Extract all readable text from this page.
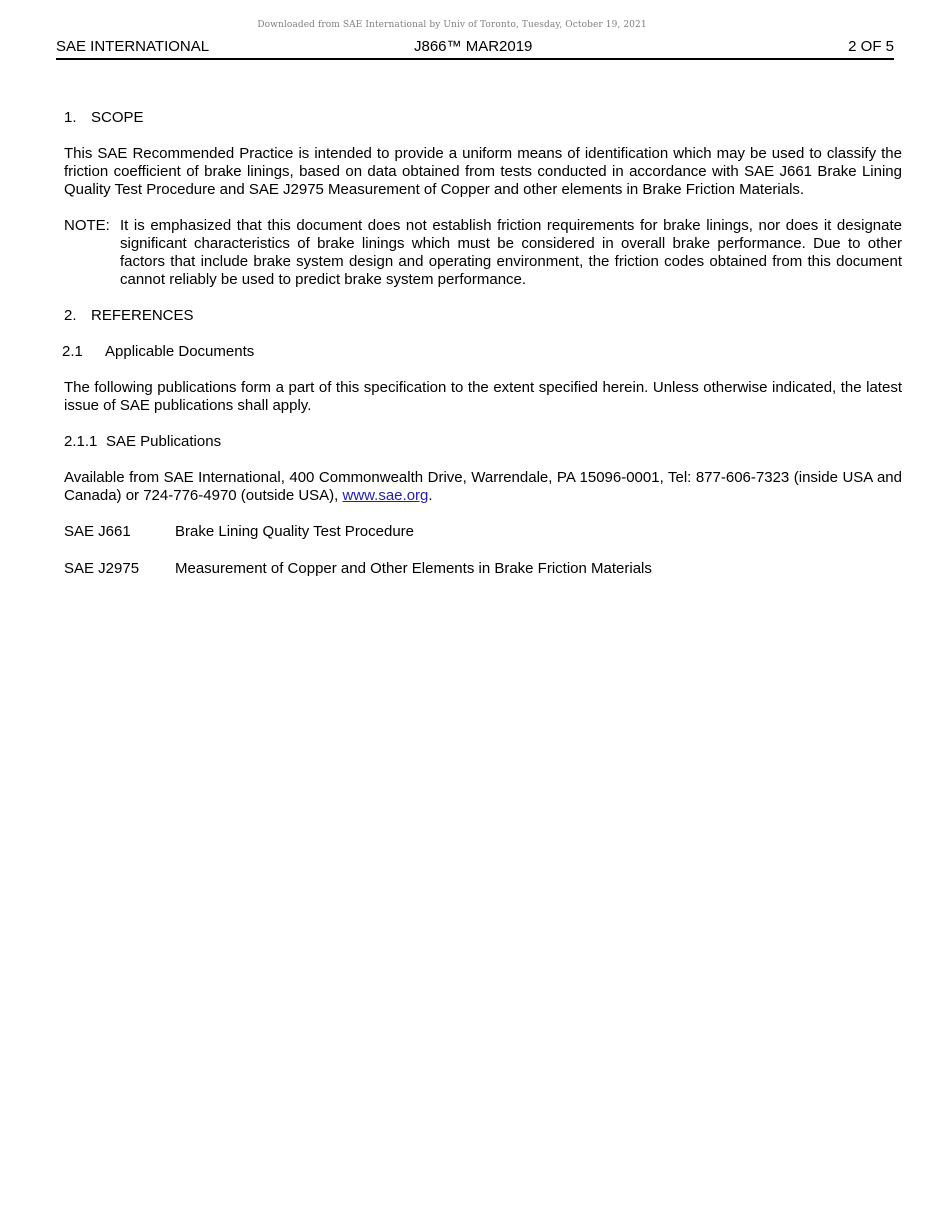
Downloaded from SAE International by Univ of Toronto, Tuesday, October 19, 2021
SAE INTERNATIONAL	J866™ MAR2019	2 OF 5
1. SCOPE

This SAE Recommended Practice is intended to provide a uniform means of identification which may be used to classify the friction coefficient of brake linings, based on data obtained from tests conducted in accordance with SAE J661 Brake Lining Quality Test Procedure and SAE J2975 Measurement of Copper and other elements in Brake Friction Materials.

NOTE: It is emphasized that this document does not establish friction requirements for brake linings, nor does it designate significant characteristics of brake linings which must be considered in overall brake performance. Due to other factors that include brake system design and operating environment, the friction codes obtained from this document cannot reliably be used to predict brake system performance.
2. REFERENCES
2.1 Applicable Documents

The following publications form a part of this specification to the extent specified herein. Unless otherwise indicated, the latest issue of SAE publications shall apply.

2.1.1 SAE Publications

Available from SAE International, 400 Commonwealth Drive, Warrendale, PA 15096-0001, Tel: 877-606-7323 (inside USA and Canada) or 724-776-4970 (outside USA), www.sae.org.

SAE J661	Brake Lining Quality Test Procedure
SAE J2975	Measurement of Copper and Other Elements in Brake Friction Materials
